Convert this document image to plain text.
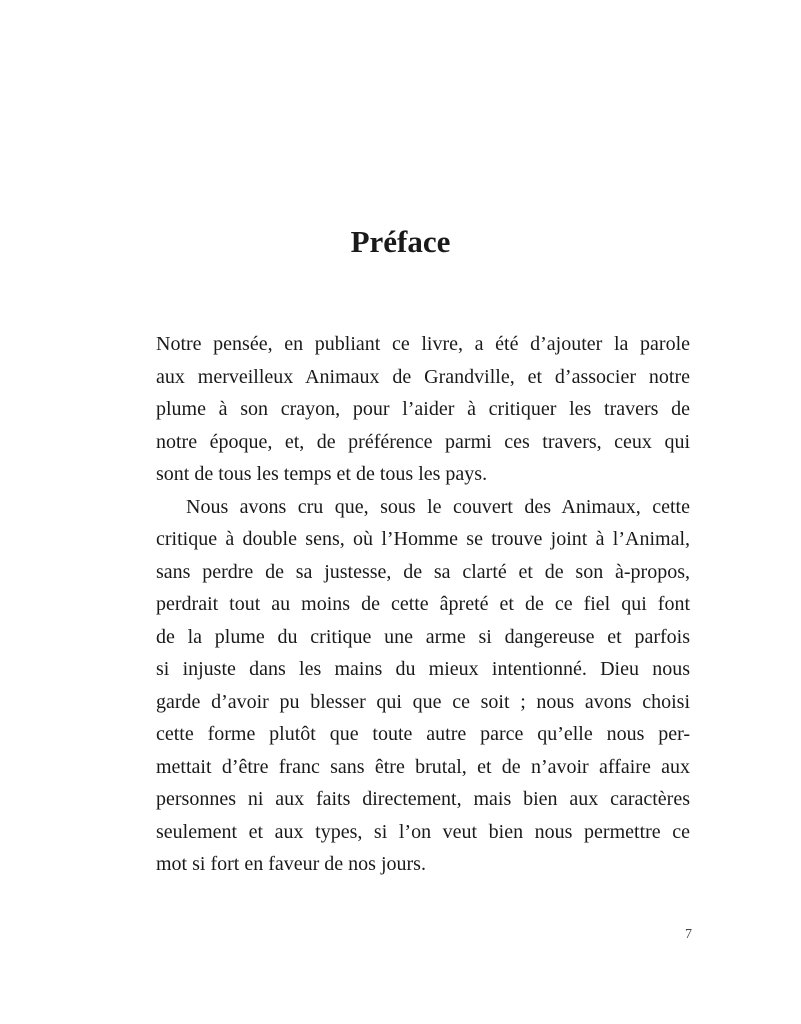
Préface

Notre pensée, en publiant ce livre, a été d’ajouter la parole
aux merveilleux Animaux de Grandville, et d’associer notre
plume à son crayon, pour l’aider à critiquer les travers de
notre époque, et, de préférence parmi ces travers, ceux qui
sont de tous les temps et de tous les pays.

Nous avons cru que, sous le couvert des Animaux, cette
critique à double sens, où l’Homme se trouve joint à l’Animal,
sans perdre de sa justesse, de sa clarté et de son à-propos,
perdrait tout au moins de cette âpreté et de ce fiel qui font
de la plume du critique une arme si dangereuse et parfois
si injuste dans les mains du mieux intentionné. Dieu nous
garde d’avoir pu blesser qui que ce soit ; nous avons choisi
cette forme plutôt que toute autre parce qu’elle nous per-
mettait d’être franc sans être brutal, et de n’avoir affaire aux
personnes ni aux faits directement, mais bien aux caractères
seulement et aux types, si l’on veut bien nous permettre ce
mot si fort en faveur de nos jours.

7
